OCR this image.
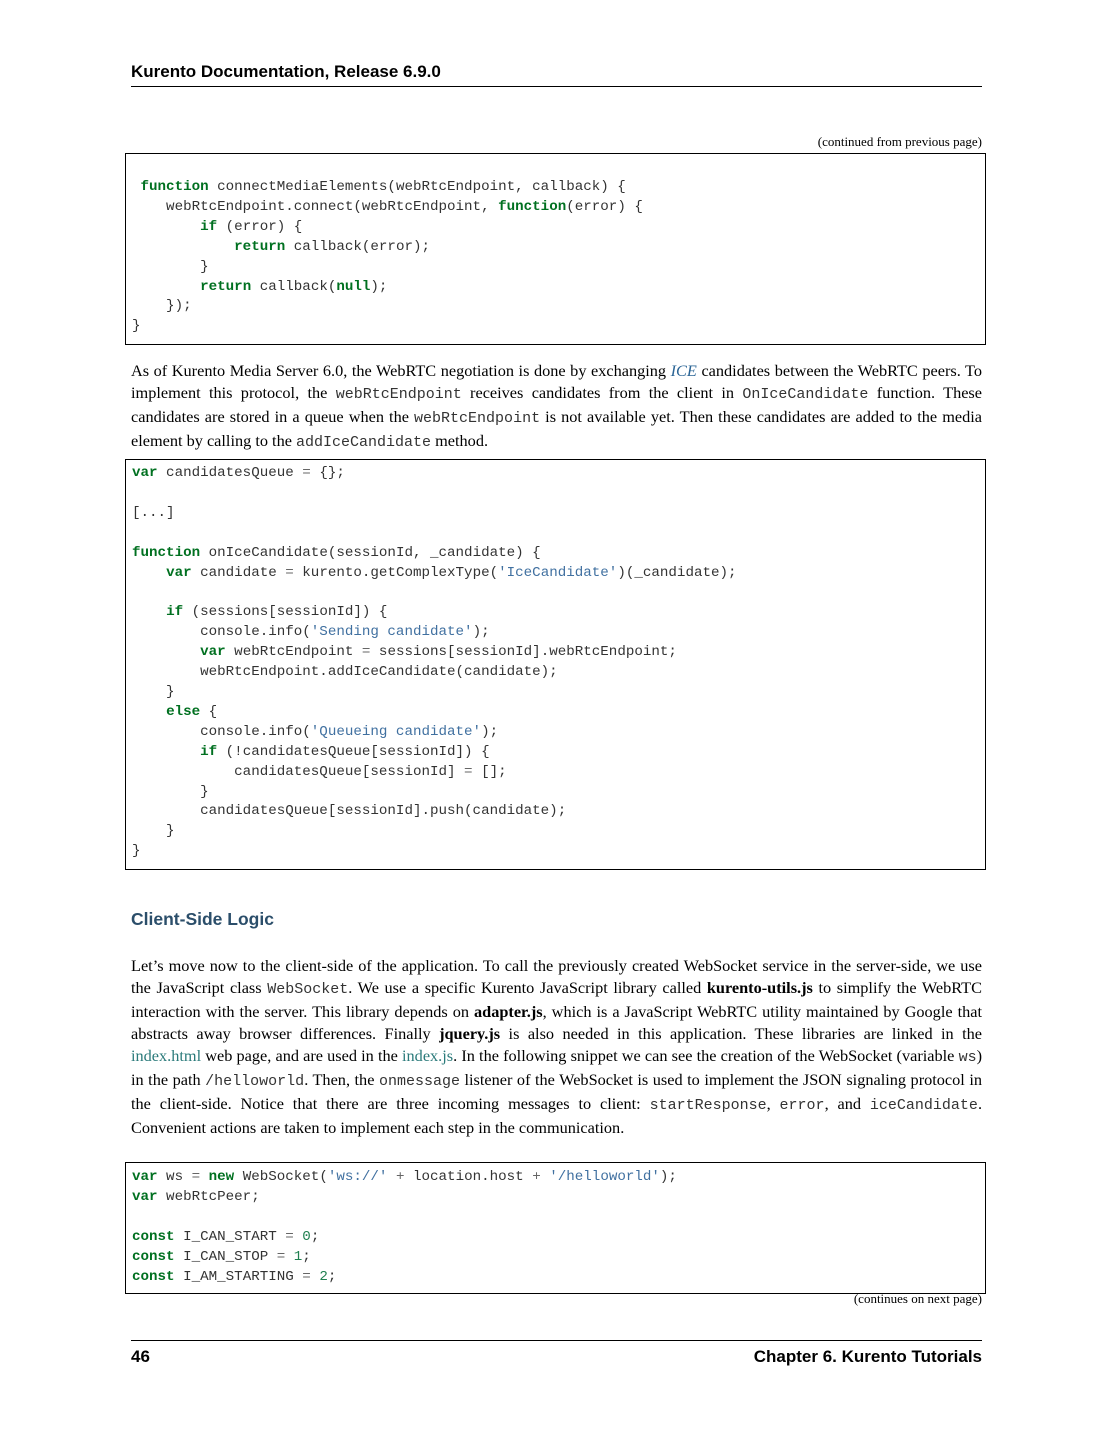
Kurento Documentation, Release 6.9.0
(continued from previous page)
function connectMediaElements(webRtcEndpoint, callback) {
webRtcEndpoint.connect(webRtcEndpoint, function(error) {
if (error) {
return callback(error);
}
return callback(null);
});
}

As of Kurento Media Server 6.0, the WebRTC negotiation is done by exchanging ICE candidates between the WebRTC peers. To implement this protocol, the webRtcEndpoint receives candidates from the client in OnIceCandidate function. These candidates are stored in a queue when the webRtcEndpoint is not available yet. Then these candidates are added to the media element by calling to the addIceCandidate method.

var candidatesQueue = {};

[...]

function onIceCandidate(sessionId, _candidate) {
var candidate = kurento.getComplexType('IceCandidate')(_candidate);

if (sessions[sessionId]) {
console.info('Sending candidate');
var webRtcEndpoint = sessions[sessionId].webRtcEndpoint;
webRtcEndpoint.addIceCandidate(candidate);
}
else {
console.info('Queueing candidate');
if (!candidatesQueue[sessionId]) {
candidatesQueue[sessionId] = [];
}
candidatesQueue[sessionId].push(candidate);
}
}
Client-Side Logic

Let’s move now to the client-side of the application. To call the previously created WebSocket service in the server-side, we use the JavaScript class WebSocket. We use a specific Kurento JavaScript library called kurento-utils.js to simplify the WebRTC interaction with the server. This library depends on adapter.js, which is a JavaScript WebRTC utility maintained by Google that abstracts away browser differences. Finally jquery.js is also needed in this application. These libraries are linked in the index.html web page, and are used in the index.js. In the following snippet we can see the creation of the WebSocket (variable ws) in the path /helloworld. Then, the onmessage listener of the WebSocket is used to implement the JSON signaling protocol in the client-side. Notice that there are three incoming messages to client: startResponse, error, and iceCandidate. Convenient actions are taken to implement each step in the communication.

var ws = new WebSocket('ws://' + location.host + '/helloworld');
var webRtcPeer;

const I_CAN_START = 0;
const I_CAN_STOP = 1;
const I_AM_STARTING = 2;
(continues on next page)
46	Chapter 6. Kurento Tutorials
